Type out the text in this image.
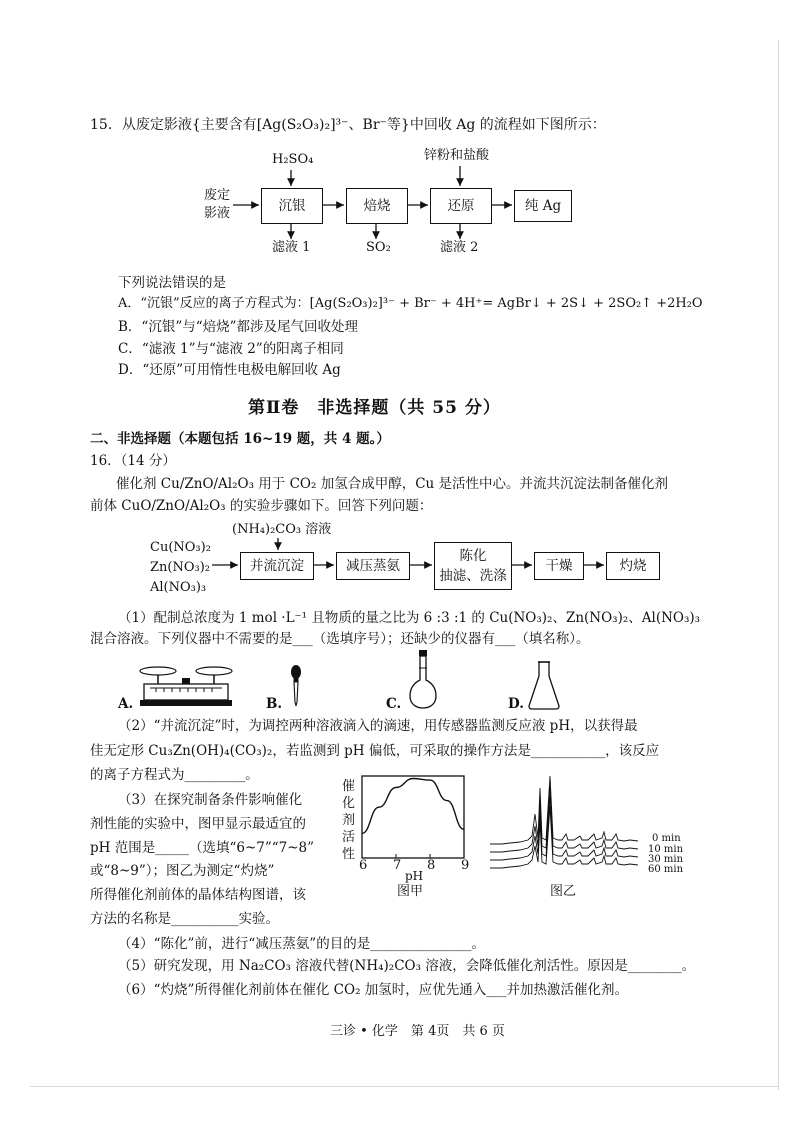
15．从废定影液{主要含有[Ag(S₂O₃)₂]³⁻、Br⁻等}中回收 Ag 的流程如下图所示：
H₂SO₄	锌粉和盐酸
废定
影液	沉银	焙烧	还原	纯 Ag
滤液 1	SO₂	滤液 2
下列说法错误的是
A．“沉银”反应的离子方程式为：[Ag(S₂O₃)₂]³⁻ + Br⁻ + 4H⁺= AgBr↓ + 2S↓ + 2SO₂↑ +2H₂O
B．“沉银”与“焙烧”都涉及尾气回收处理
C．“滤液 1”与“滤液 2”的阳离子相同
D．“还原”可用惰性电极电解回收 Ag
第Ⅱ卷　非选择题（共 55 分）
二、非选择题（本题包括 16~19 题，共 4 题。）
16．（14 分）
催化剂 Cu/ZnO/Al₂O₃ 用于 CO₂ 加氢合成甲醇，Cu 是活性中心。并流共沉淀法制备催化剂
前体 CuO/ZnO/Al₂O₃ 的实验步骤如下。回答下列问题：
(NH₄)₂CO₃ 溶液
Cu(NO₃)₂
Zn(NO₃)₂
Al(NO₃)₃
并流沉淀	减压蒸氨
陈化
抽滤、洗涤
干燥	灼烧
（1）配制总浓度为 1 mol ·L⁻¹ 且物质的量之比为 6 :3 :1 的 Cu(NO₃)₂、Zn(NO₃)₂、Al(NO₃)₃
混合溶液。下列仪器中不需要的是___（选填序号）；还缺少的仪器有___（填名称）。
A.	B.	C.	D.
（2）“并流沉淀”时，为调控两种溶液滴入的滴速，用传感器监测反应液 pH，以获得最
佳无定形 Cu₃Zn(OH)₄(CO₃)₂，若监测到 pH 偏低，可采取的操作方法是___________，该反应
的离子方程式为_________。
（3）在探究制备条件影响催化
剂性能的实验中，图甲显示最适宜的
pH 范围是_____（选填“6~7”“7~8”
或“8~9”）；图乙为测定“灼烧”
所得催化剂前体的晶体结构图谱，该
方法的名称是__________实验。
催化剂活性
6 7 8 9
pH
图甲
0 min
10 min
30 min
60 min
图乙
（4）“陈化”前，进行“减压蒸氨”的目的是_______________。
（5）研究发现，用 Na₂CO₃ 溶液代替(NH₄)₂CO₃ 溶液，会降低催化剂活性。原因是________。
（6）“灼烧”所得催化剂前体在催化 CO₂ 加氢时，应优先通入___并加热激活催化剂。
三诊 • 化学　第 4页　共 6 页
